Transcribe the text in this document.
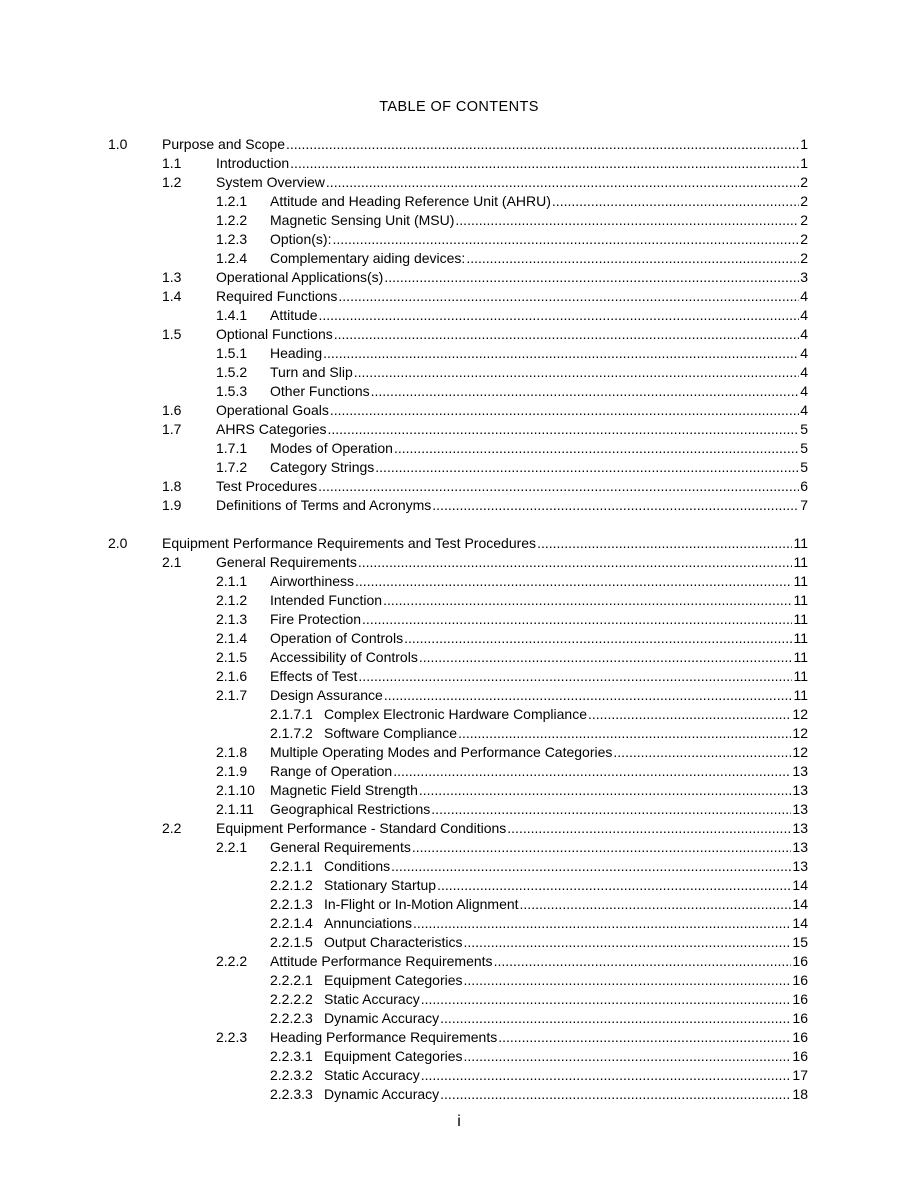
TABLE OF CONTENTS
1.0 Purpose and Scope .....	1
1.1 Introduction .....	1
1.2 System Overview .....	2
1.2.1 Attitude and Heading Reference Unit (AHRU) .....	2
1.2.2 Magnetic Sensing Unit (MSU) .....	2
1.2.3 Option(s): .....	2
1.2.4 Complementary aiding devices: .....	2
1.3 Operational Applications(s) .....	3
1.4 Required Functions .....	4
1.4.1 Attitude .....	4
1.5 Optional Functions .....	4
1.5.1 Heading .....	4
1.5.2 Turn and Slip .....	4
1.5.3 Other Functions .....	4
1.6 Operational Goals .....	4
1.7 AHRS Categories .....	5
1.7.1 Modes of Operation .....	5
1.7.2 Category Strings .....	5
1.8 Test Procedures .....	6
1.9 Definitions of Terms and Acronyms .....	7
2.0 Equipment Performance Requirements and Test Procedures .....	11
2.1 General Requirements .....	11
2.1.1 Airworthiness .....	11
2.1.2 Intended Function .....	11
2.1.3 Fire Protection .....	11
2.1.4 Operation of Controls .....	11
2.1.5 Accessibility of Controls .....	11
2.1.6 Effects of Test .....	11
2.1.7 Design Assurance .....	11
2.1.7.1 Complex Electronic Hardware Compliance .....	12
2.1.7.2 Software Compliance .....	12
2.1.8 Multiple Operating Modes and Performance Categories .....	12
2.1.9 Range of Operation .....	13
2.1.10 Magnetic Field Strength .....	13
2.1.11 Geographical Restrictions .....	13
2.2 Equipment Performance - Standard Conditions .....	13
2.2.1 General Requirements .....	13
2.2.1.1 Conditions .....	13
2.2.1.2 Stationary Startup .....	14
2.2.1.3 In-Flight or In-Motion Alignment .....	14
2.2.1.4 Annunciations .....	14
2.2.1.5 Output Characteristics .....	15
2.2.2 Attitude Performance Requirements .....	16
2.2.2.1 Equipment Categories .....	16
2.2.2.2 Static Accuracy .....	16
2.2.2.3 Dynamic Accuracy .....	16
2.2.3 Heading Performance Requirements .....	16
2.2.3.1 Equipment Categories .....	16
2.2.3.2 Static Accuracy .....	17
2.2.3.3 Dynamic Accuracy .....	18
i
